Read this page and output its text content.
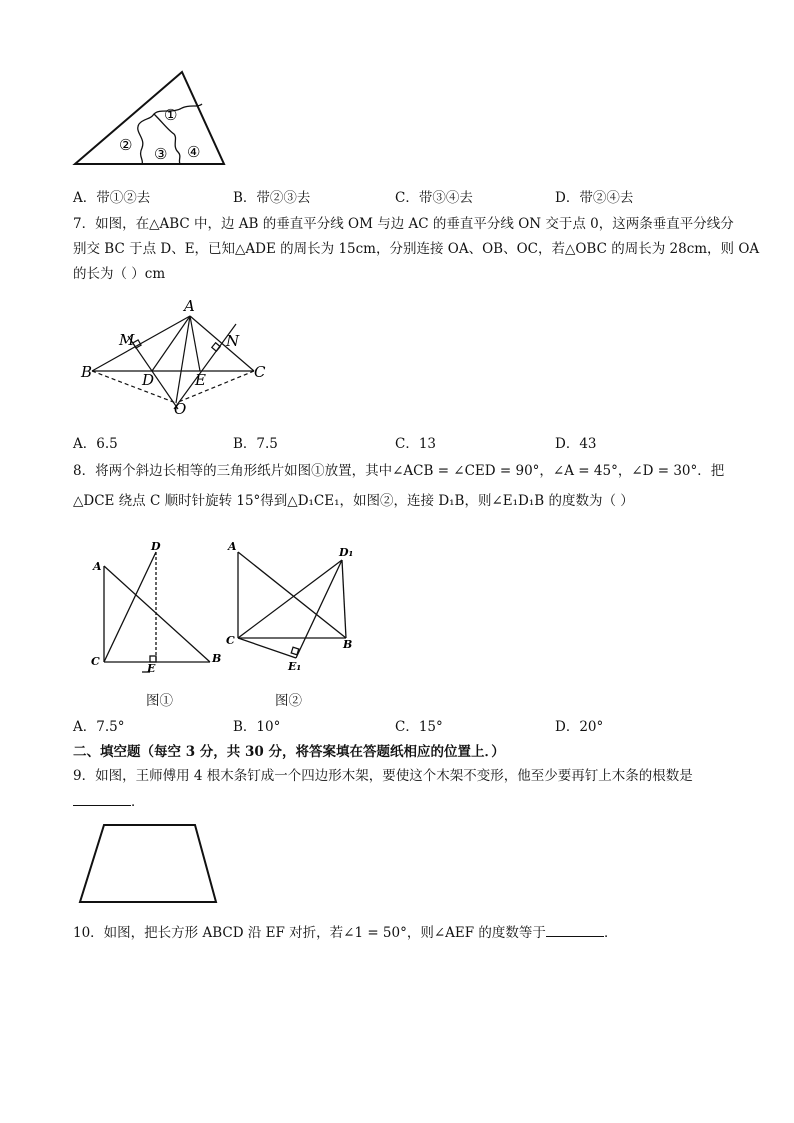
①
② ③ ④
A．带①②去	B．带②③去	C．带③④去	D．带②④去
7．如图，在△ABC 中，边 AB 的垂直平分线 OM 与边 AC 的垂直平分线 ON 交于点 0，这两条垂直平分线分
别交 BC 于点 D、E，已知△ADE 的周长为 15cm，分别连接 OA、OB、OC，若△OBC 的周长为 28cm，则 OA
的长为（ ）cm
A
M	N
B	C
D	E
O
A．6.5	B．7.5	C．13	D．43
8．将两个斜边长相等的三角形纸片如图①放置，其中∠ACB = ∠CED = 90°，∠A = 45°，∠D = 30°．把
△DCE 绕点 C 顺时针旋转 15°得到△D₁CE₁，如图②，连接 D₁B，则∠E₁D₁B 的度数为（ ）
A
D
C
E
B
图①
A	D₁
C	B
E₁
图②
A．7.5°	B．10°	C．15°	D．20°
二、填空题（每空 3 分，共 30 分，将答案填在答题纸相应的位置上．）
9．如图，王师傅用 4 根木条钉成一个四边形木架，要使这个木架不变形，他至少要再钉上木条的根数是
．
10．如图，把长方形 ABCD 沿 EF 对折，若∠1 = 50°，则∠AEF 的度数等于	．
